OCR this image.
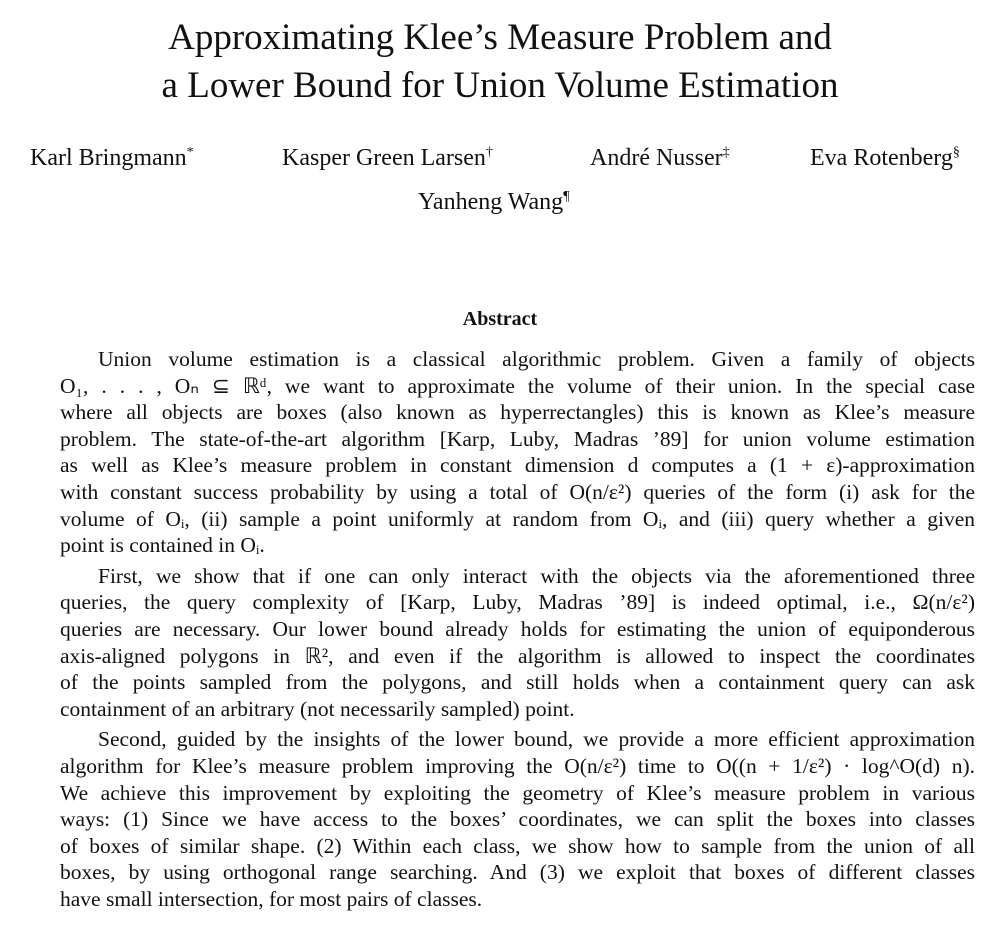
Approximating Klee’s Measure Problem and
a Lower Bound for Union Volume Estimation
Karl Bringmann*	Kasper Green Larsen†	André Nusser‡	Eva Rotenberg§
Yanheng Wang¶
Abstract
Union volume estimation is a classical algorithmic problem. Given a family of objects
O₁, . . . , Oₙ ⊆ ℝᵈ, we want to approximate the volume of their union. In the special case
where all objects are boxes (also known as hyperrectangles) this is known as Klee’s measure
problem. The state-of-the-art algorithm [Karp, Luby, Madras ’89] for union volume estimation
as well as Klee’s measure problem in constant dimension d computes a (1 + ε)-approximation
with constant success probability by using a total of O(n/ε²) queries of the form (i) ask for the
volume of Oᵢ, (ii) sample a point uniformly at random from Oᵢ, and (iii) query whether a given
point is contained in Oᵢ.
First, we show that if one can only interact with the objects via the aforementioned three
queries, the query complexity of [Karp, Luby, Madras ’89] is indeed optimal, i.e., Ω(n/ε²)
queries are necessary. Our lower bound already holds for estimating the union of equiponderous
axis-aligned polygons in ℝ², and even if the algorithm is allowed to inspect the coordinates
of the points sampled from the polygons, and still holds when a containment query can ask
containment of an arbitrary (not necessarily sampled) point.
Second, guided by the insights of the lower bound, we provide a more efficient approximation
algorithm for Klee’s measure problem improving the O(n/ε²) time to O((n + 1/ε²) · log^O(d) n).
We achieve this improvement by exploiting the geometry of Klee’s measure problem in various
ways: (1) Since we have access to the boxes’ coordinates, we can split the boxes into classes
of boxes of similar shape. (2) Within each class, we show how to sample from the union of all
boxes, by using orthogonal range searching. And (3) we exploit that boxes of different classes
have small intersection, for most pairs of classes.
